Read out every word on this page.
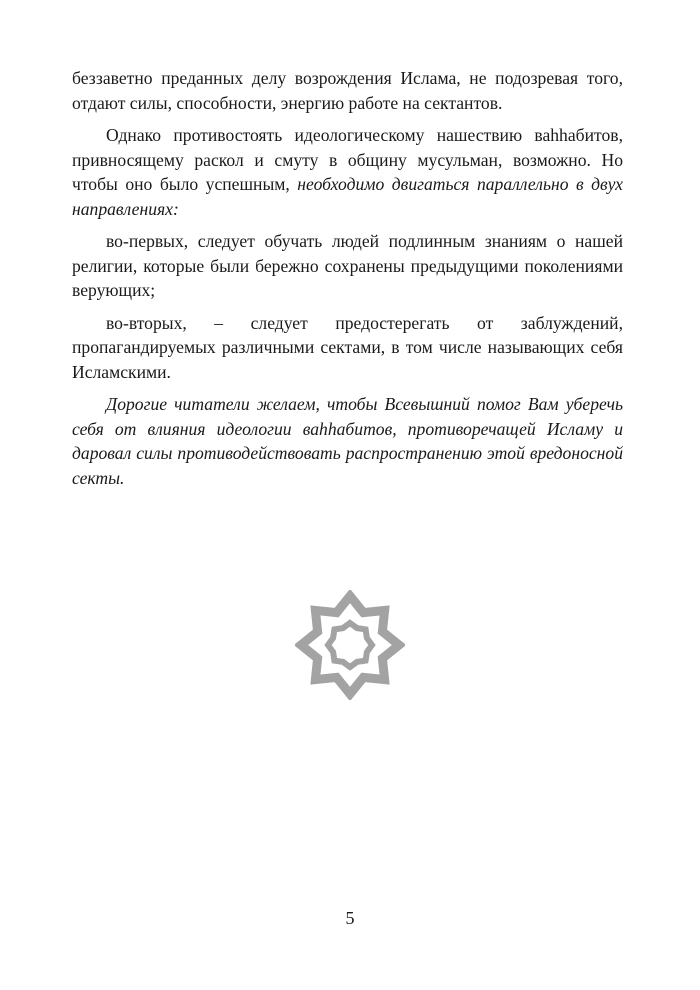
беззаветно преданных делу возрождения Ислама, не подозревая того, отдают силы, способности, энергию работе на сектантов.

Однако противостоять идеологическому нашествию ваhhабитов, привносящему раскол и смуту в общину мусульман, возможно. Но чтобы оно было успешным, необходимо двигаться параллельно в двух направлениях:

во-первых, следует обучать людей подлинным знаниям о нашей религии, которые были бережно сохранены предыдущими поколениями верующих;

во-вторых, – следует предостерегать от заблуждений, пропагандируемых различными сектами, в том числе называющих себя Исламскими.

Дорогие читатели желаем, чтобы Всевышний помог Вам уберечь себя от влияния идеологии ваhhабитов, противоречащей Исламу и даровал силы противодействовать распространению этой вредоносной секты.

5
